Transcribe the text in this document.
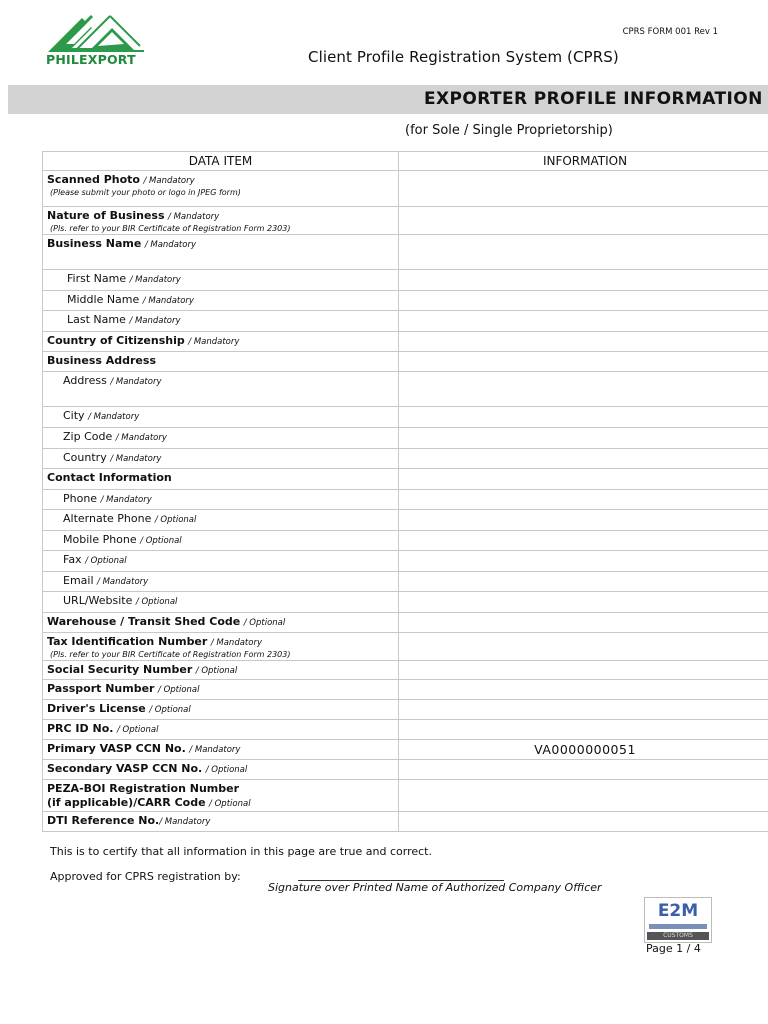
PHILEXPORT
CPRS FORM 001 Rev 1
Client Profile Registration System (CPRS)
EXPORTER PROFILE INFORMATION
(for Sole / Single Proprietorship)
DATA ITEM	INFORMATION

Scanned Photo / Mandatory
(Please submit your photo or logo in JPEG form)	

Nature of Business / Mandatory
(Pls. refer to your BIR Certificate of Registration Form 2303)	

Business Name / Mandatory	

First Name / Mandatory	

Middle Name / Mandatory	

Last Name / Mandatory	

Country of Citizenship / Mandatory	

Business Address	

Address / Mandatory	

City / Mandatory	

Zip Code / Mandatory	

Country / Mandatory	

Contact Information	

Phone / Mandatory	

Alternate Phone / Optional	

Mobile Phone / Optional	

Fax / Optional	

Email / Mandatory	

URL/Website / Optional	

Warehouse / Transit Shed Code / Optional	

Tax Identification Number / Mandatory
(Pls. refer to your BIR Certificate of Registration Form 2303)	

Social Security Number / Optional	

Passport Number / Optional	

Driver's License / Optional	

PRC ID No. / Optional	

Primary VASP CCN No. / Mandatory	VA0000000051

Secondary VASP CCN No. / Optional	

PEZA-BOI Registration Number
(if applicable)/CARR Code / Optional	

DTI Reference No./ Mandatory	

This is to certify that all information in this page are true and correct.
Approved for CPRS registration by:
Signature over Printed Name of Authorized Company Officer
E2M
CUSTOMS
Page 1 / 4
